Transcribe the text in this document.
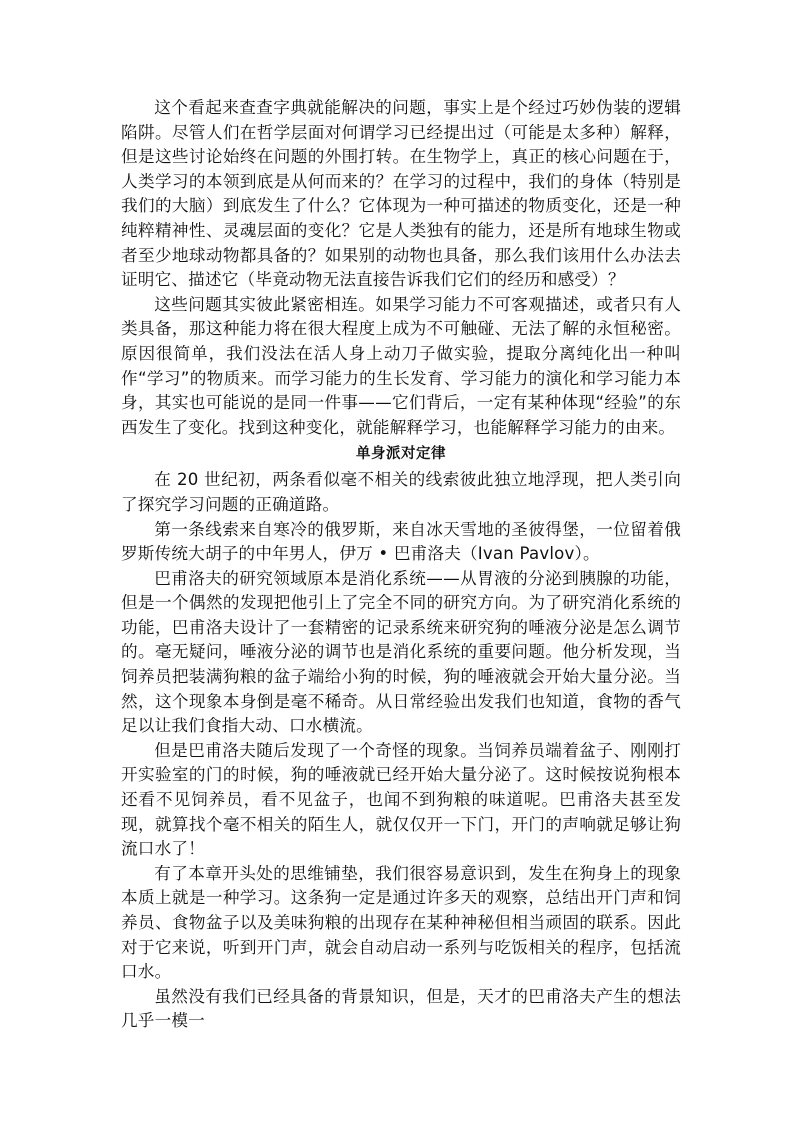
这个看起来查查字典就能解决的问题，事实上是个经过巧妙伪装的逻辑陷阱。尽管人们在哲学层面对何谓学习已经提出过（可能是太多种）解释，但是这些讨论始终在问题的外围打转。在生物学上，真正的核心问题在于，人类学习的本领到底是从何而来的？在学习的过程中，我们的身体（特别是我们的大脑）到底发生了什么？它体现为一种可描述的物质变化，还是一种纯粹精神性、灵魂层面的变化？它是人类独有的能力，还是所有地球生物或者至少地球动物都具备的？如果别的动物也具备，那么我们该用什么办法去证明它、描述它（毕竟动物无法直接告诉我们它们的经历和感受）？

这些问题其实彼此紧密相连。如果学习能力不可客观描述，或者只有人类具备，那这种能力将在很大程度上成为不可触碰、无法了解的永恒秘密。原因很简单，我们没法在活人身上动刀子做实验，提取分离纯化出一种叫作“学习”的物质来。而学习能力的生长发育、学习能力的演化和学习能力本身，其实也可能说的是同一件事——它们背后，一定有某种体现“经验”的东西发生了变化。找到这种变化，就能解释学习，也能解释学习能力的由来。

单身派对定律

在 20 世纪初，两条看似毫不相关的线索彼此独立地浮现，把人类引向了探究学习问题的正确道路。

第一条线索来自寒冷的俄罗斯，来自冰天雪地的圣彼得堡，一位留着俄罗斯传统大胡子的中年男人，伊万 • 巴甫洛夫（Ivan Pavlov）。

巴甫洛夫的研究领域原本是消化系统——从胃液的分泌到胰腺的功能，但是一个偶然的发现把他引上了完全不同的研究方向。为了研究消化系统的功能，巴甫洛夫设计了一套精密的记录系统来研究狗的唾液分泌是怎么调节的。毫无疑问，唾液分泌的调节也是消化系统的重要问题。他分析发现，当饲养员把装满狗粮的盆子端给小狗的时候，狗的唾液就会开始大量分泌。当然，这个现象本身倒是毫不稀奇。从日常经验出发我们也知道，食物的香气足以让我们食指大动、口水横流。

但是巴甫洛夫随后发现了一个奇怪的现象。当饲养员端着盆子、刚刚打开实验室的门的时候，狗的唾液就已经开始大量分泌了。这时候按说狗根本还看不见饲养员，看不见盆子，也闻不到狗粮的味道呢。巴甫洛夫甚至发现，就算找个毫不相关的陌生人，就仅仅开一下门，开门的声响就足够让狗流口水了！

有了本章开头处的思维铺垫，我们很容易意识到，发生在狗身上的现象本质上就是一种学习。这条狗一定是通过许多天的观察，总结出开门声和饲养员、食物盆子以及美味狗粮的出现存在某种神秘但相当顽固的联系。因此对于它来说，听到开门声，就会自动启动一系列与吃饭相关的程序，包括流口水。

虽然没有我们已经具备的背景知识，但是，天才的巴甫洛夫产生的想法几乎一模一
